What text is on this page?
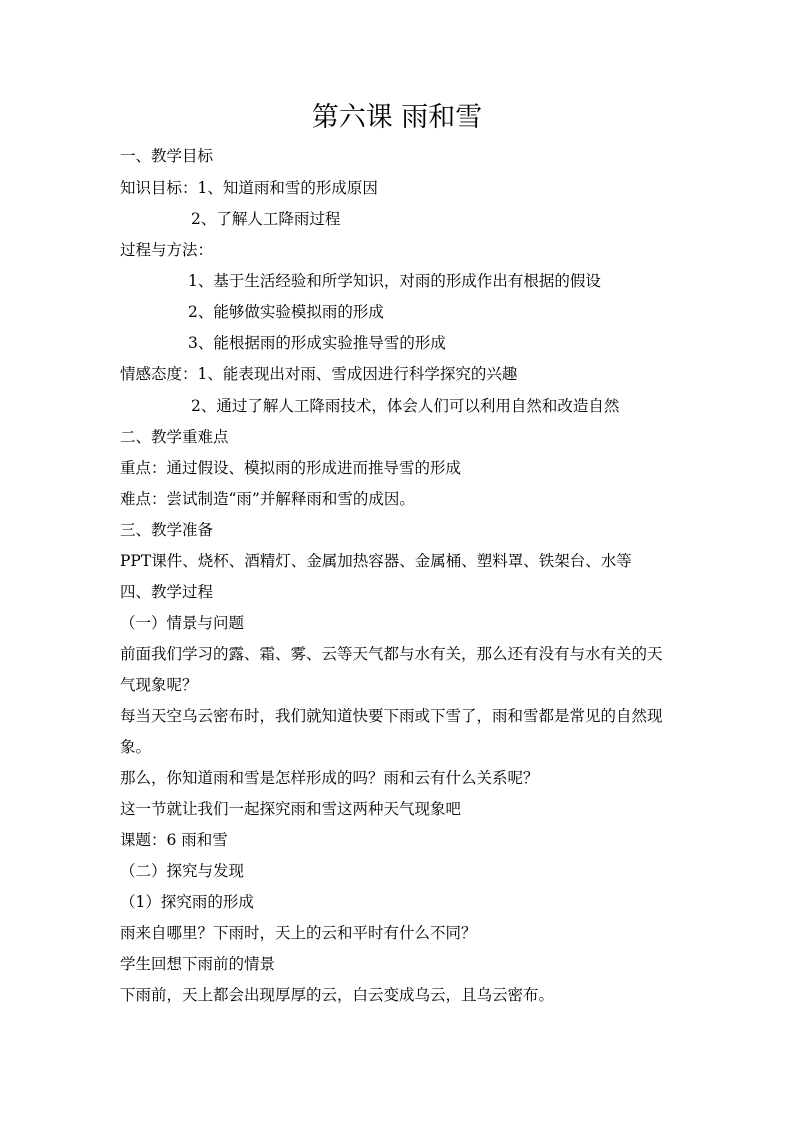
第六课 雨和雪
一、教学目标
知识目标：1、知道雨和雪的形成原因
2、了解人工降雨过程
过程与方法：
1、基于生活经验和所学知识，对雨的形成作出有根据的假设
2、能够做实验模拟雨的形成
3、能根据雨的形成实验推导雪的形成
情感态度：1、能表现出对雨、雪成因进行科学探究的兴趣
2、通过了解人工降雨技术，体会人们可以利用自然和改造自然
二、教学重难点
重点：通过假设、模拟雨的形成进而推导雪的形成
难点：尝试制造“雨”并解释雨和雪的成因。
三、教学准备
PPT课件、烧杯、酒精灯、金属加热容器、金属桶、塑料罩、铁架台、水等
四、教学过程
（一）情景与问题
前面我们学习的露、霜、雾、云等天气都与水有关，那么还有没有与水有关的天
气现象呢？
每当天空乌云密布时，我们就知道快要下雨或下雪了，雨和雪都是常见的自然现
象。
那么，你知道雨和雪是怎样形成的吗？雨和云有什么关系呢？
这一节就让我们一起探究雨和雪这两种天气现象吧
课题：6 雨和雪
（二）探究与发现
（1）探究雨的形成
雨来自哪里？下雨时，天上的云和平时有什么不同？
学生回想下雨前的情景
下雨前，天上都会出现厚厚的云，白云变成乌云，且乌云密布。
